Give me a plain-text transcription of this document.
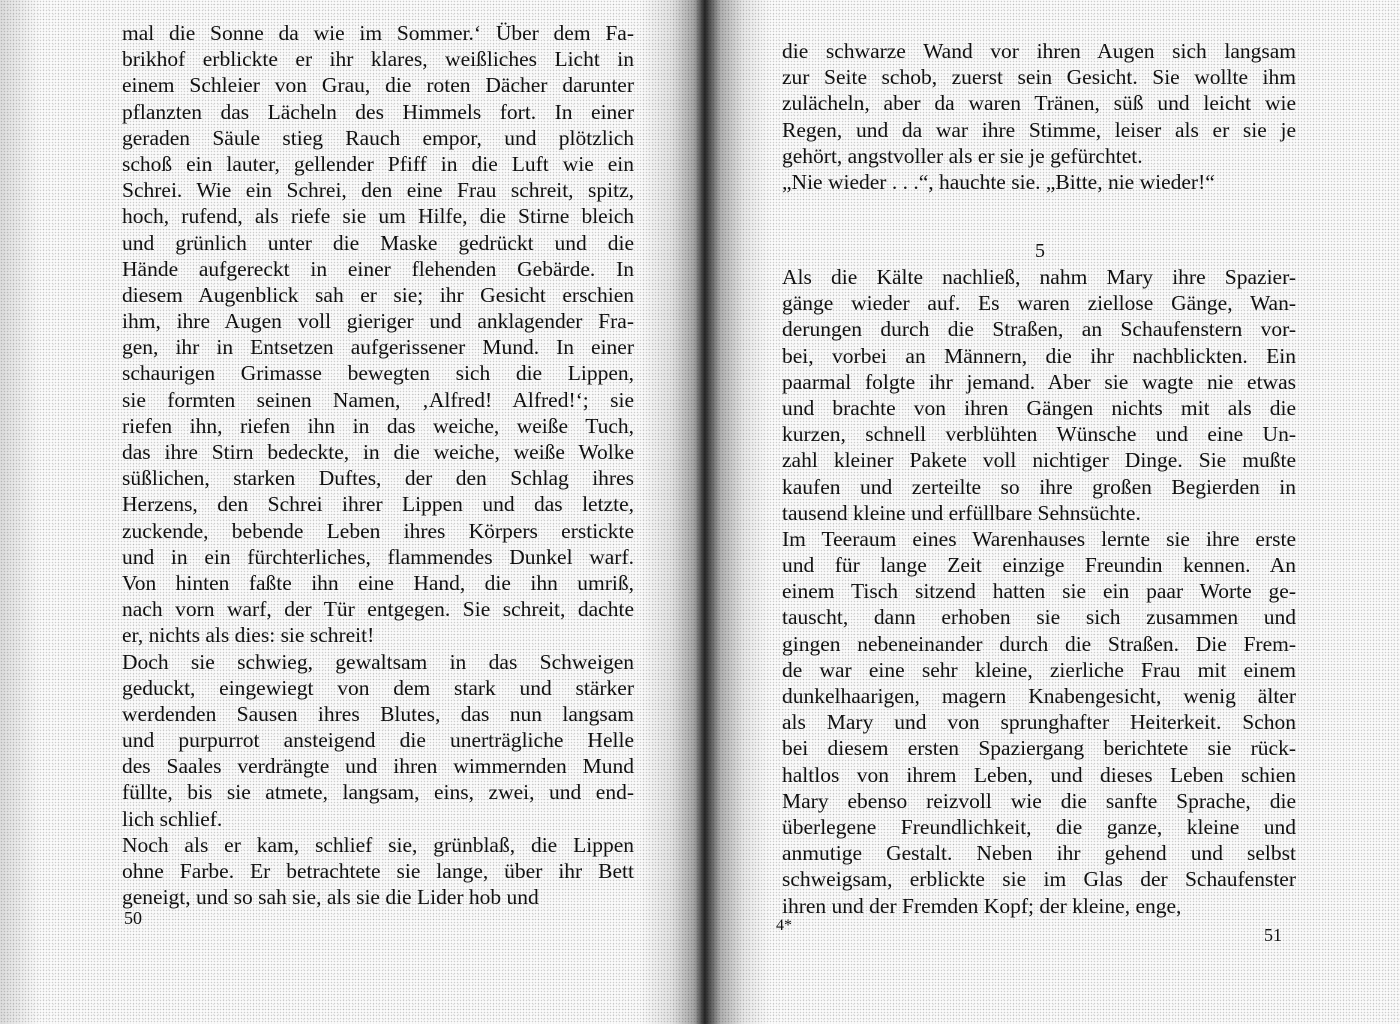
mal die Sonne da wie im Sommer.‘ Über dem Fa-
brikhof erblickte er ihr klares, weißliches Licht in
einem Schleier von Grau, die roten Dächer darunter
pflanzten das Lächeln des Himmels fort. In einer
geraden Säule stieg Rauch empor, und plötzlich
schoß ein lauter, gellender Pfiff in die Luft wie ein
Schrei. Wie ein Schrei, den eine Frau schreit, spitz,
hoch, rufend, als riefe sie um Hilfe, die Stirne bleich
und grünlich unter die Maske gedrückt und die
Hände aufgereckt in einer flehenden Gebärde. In
diesem Augenblick sah er sie; ihr Gesicht erschien
ihm, ihre Augen voll gieriger und anklagender Fra-
gen, ihr in Entsetzen aufgerissener Mund. In einer
schaurigen Grimasse bewegten sich die Lippen,
sie formten seinen Namen, ‚Alfred! Alfred!‘; sie
riefen ihn, riefen ihn in das weiche, weiße Tuch,
das ihre Stirn bedeckte, in die weiche, weiße Wolke
süßlichen, starken Duftes, der den Schlag ihres
Herzens, den Schrei ihrer Lippen und das letzte,
zuckende, bebende Leben ihres Körpers erstickte
und in ein fürchterliches, flammendes Dunkel warf.
Von hinten faßte ihn eine Hand, die ihn umriß,
nach vorn warf, der Tür entgegen. Sie schreit, dachte
er, nichts als dies: sie schreit!
Doch sie schwieg, gewaltsam in das Schweigen
geduckt, eingewiegt von dem stark und stärker
werdenden Sausen ihres Blutes, das nun langsam
und purpurrot ansteigend die unerträgliche Helle
des Saales verdrängte und ihren wimmernden Mund
füllte, bis sie atmete, langsam, eins, zwei, und end-
lich schlief.
Noch als er kam, schlief sie, grünblaß, die Lippen
ohne Farbe. Er betrachtete sie lange, über ihr Bett
geneigt, und so sah sie, als sie die Lider hob und
die schwarze Wand vor ihren Augen sich langsam
zur Seite schob, zuerst sein Gesicht. Sie wollte ihm
zulächeln, aber da waren Tränen, süß und leicht wie
Regen, und da war ihre Stimme, leiser als er sie je
gehört, angstvoller als er sie je gefürchtet.
„Nie wieder . . .“, hauchte sie. „Bitte, nie wieder!“
5
Als die Kälte nachließ, nahm Mary ihre Spazier-
gänge wieder auf. Es waren ziellose Gänge, Wan-
derungen durch die Straßen, an Schaufenstern vor-
bei, vorbei an Männern, die ihr nachblickten. Ein
paarmal folgte ihr jemand. Aber sie wagte nie etwas
und brachte von ihren Gängen nichts mit als die
kurzen, schnell verblühten Wünsche und eine Un-
zahl kleiner Pakete voll nichtiger Dinge. Sie mußte
kaufen und zerteilte so ihre großen Begierden in
tausend kleine und erfüllbare Sehnsüchte.
Im Teeraum eines Warenhauses lernte sie ihre erste
und für lange Zeit einzige Freundin kennen. An
einem Tisch sitzend hatten sie ein paar Worte ge-
tauscht, dann erhoben sie sich zusammen und
gingen nebeneinander durch die Straßen. Die Frem-
de war eine sehr kleine, zierliche Frau mit einem
dunkelhaarigen, magern Knabengesicht, wenig älter
als Mary und von sprunghafter Heiterkeit. Schon
bei diesem ersten Spaziergang berichtete sie rück-
haltlos von ihrem Leben, und dieses Leben schien
Mary ebenso reizvoll wie die sanfte Sprache, die
überlegene Freundlichkeit, die ganze, kleine und
anmutige Gestalt. Neben ihr gehend und selbst
schweigsam, erblickte sie im Glas der Schaufenster
ihren und der Fremden Kopf; der kleine, enge,
50	4*	51
